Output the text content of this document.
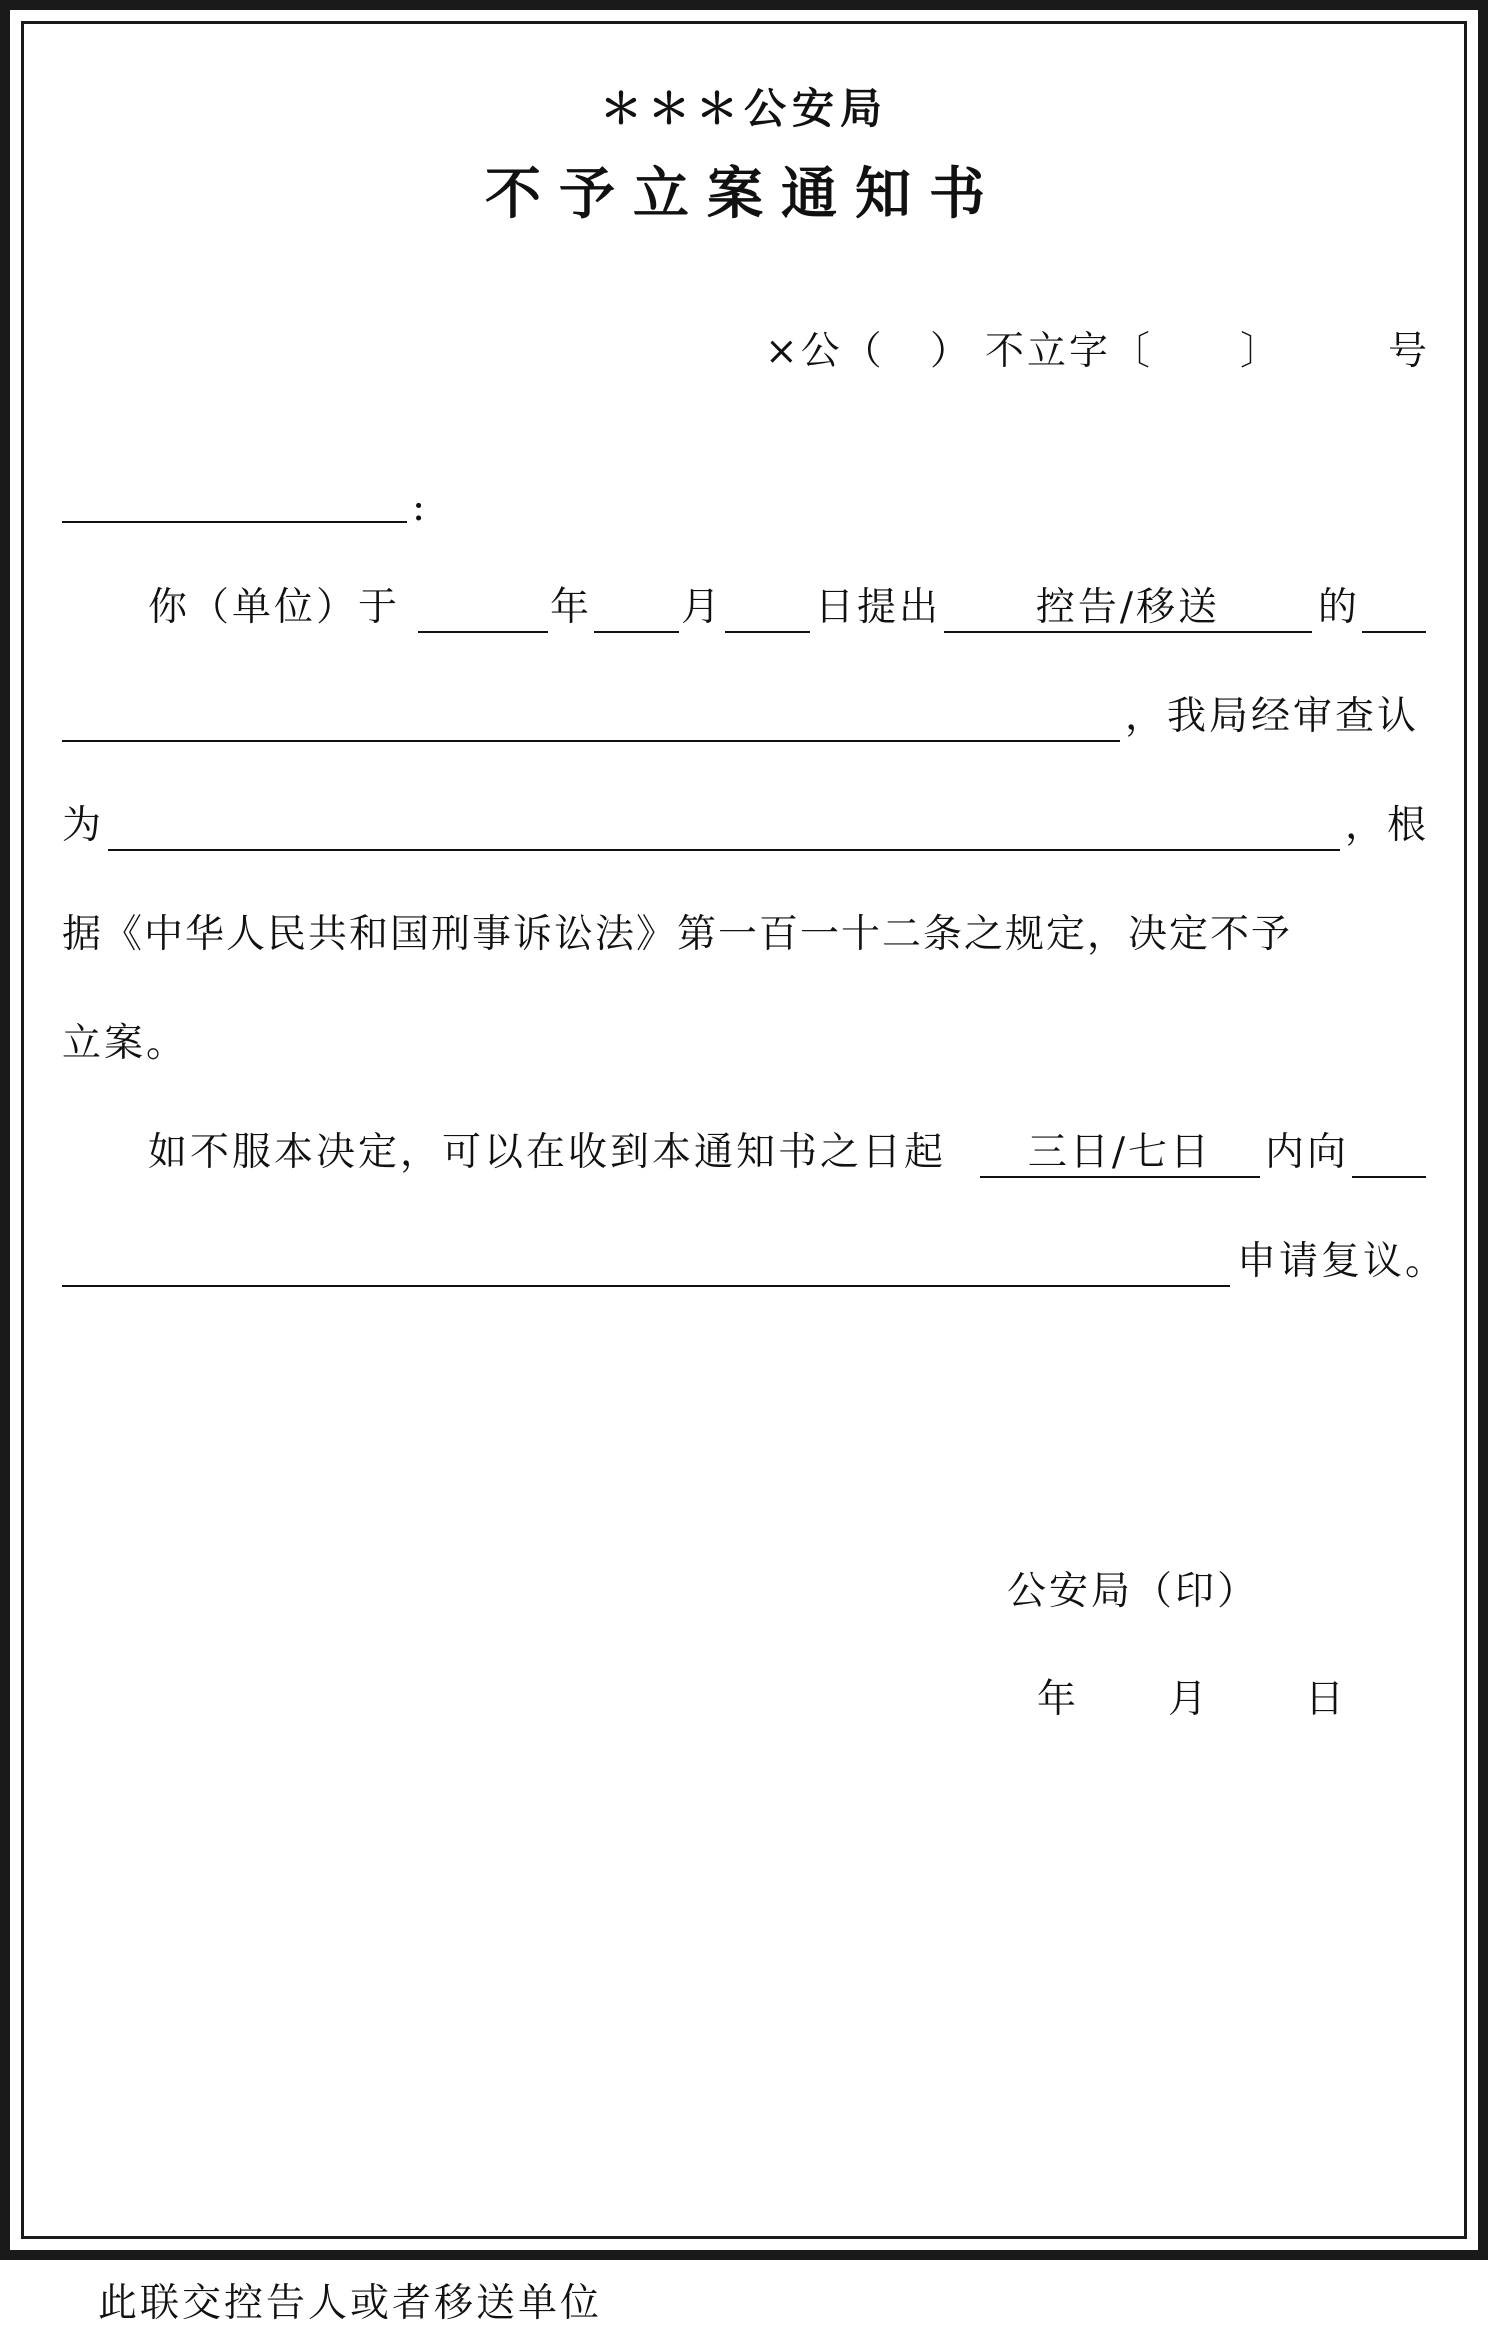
＊＊＊公安局
不予立案通知书
×公（ ） 不立字〔 〕	号
:
你（单位）于	年 月 日提出	控告/移送	的
，我局经审查认
为	，根
据《中华人民共和国刑事诉讼法》第一百一十二条之规定，决定不予
立案。
如不服本决定，可以在收到本通知书之日起	三日/七日	内向
申请复议。
公安局（印）
年 月 日
此联交控告人或者移送单位
